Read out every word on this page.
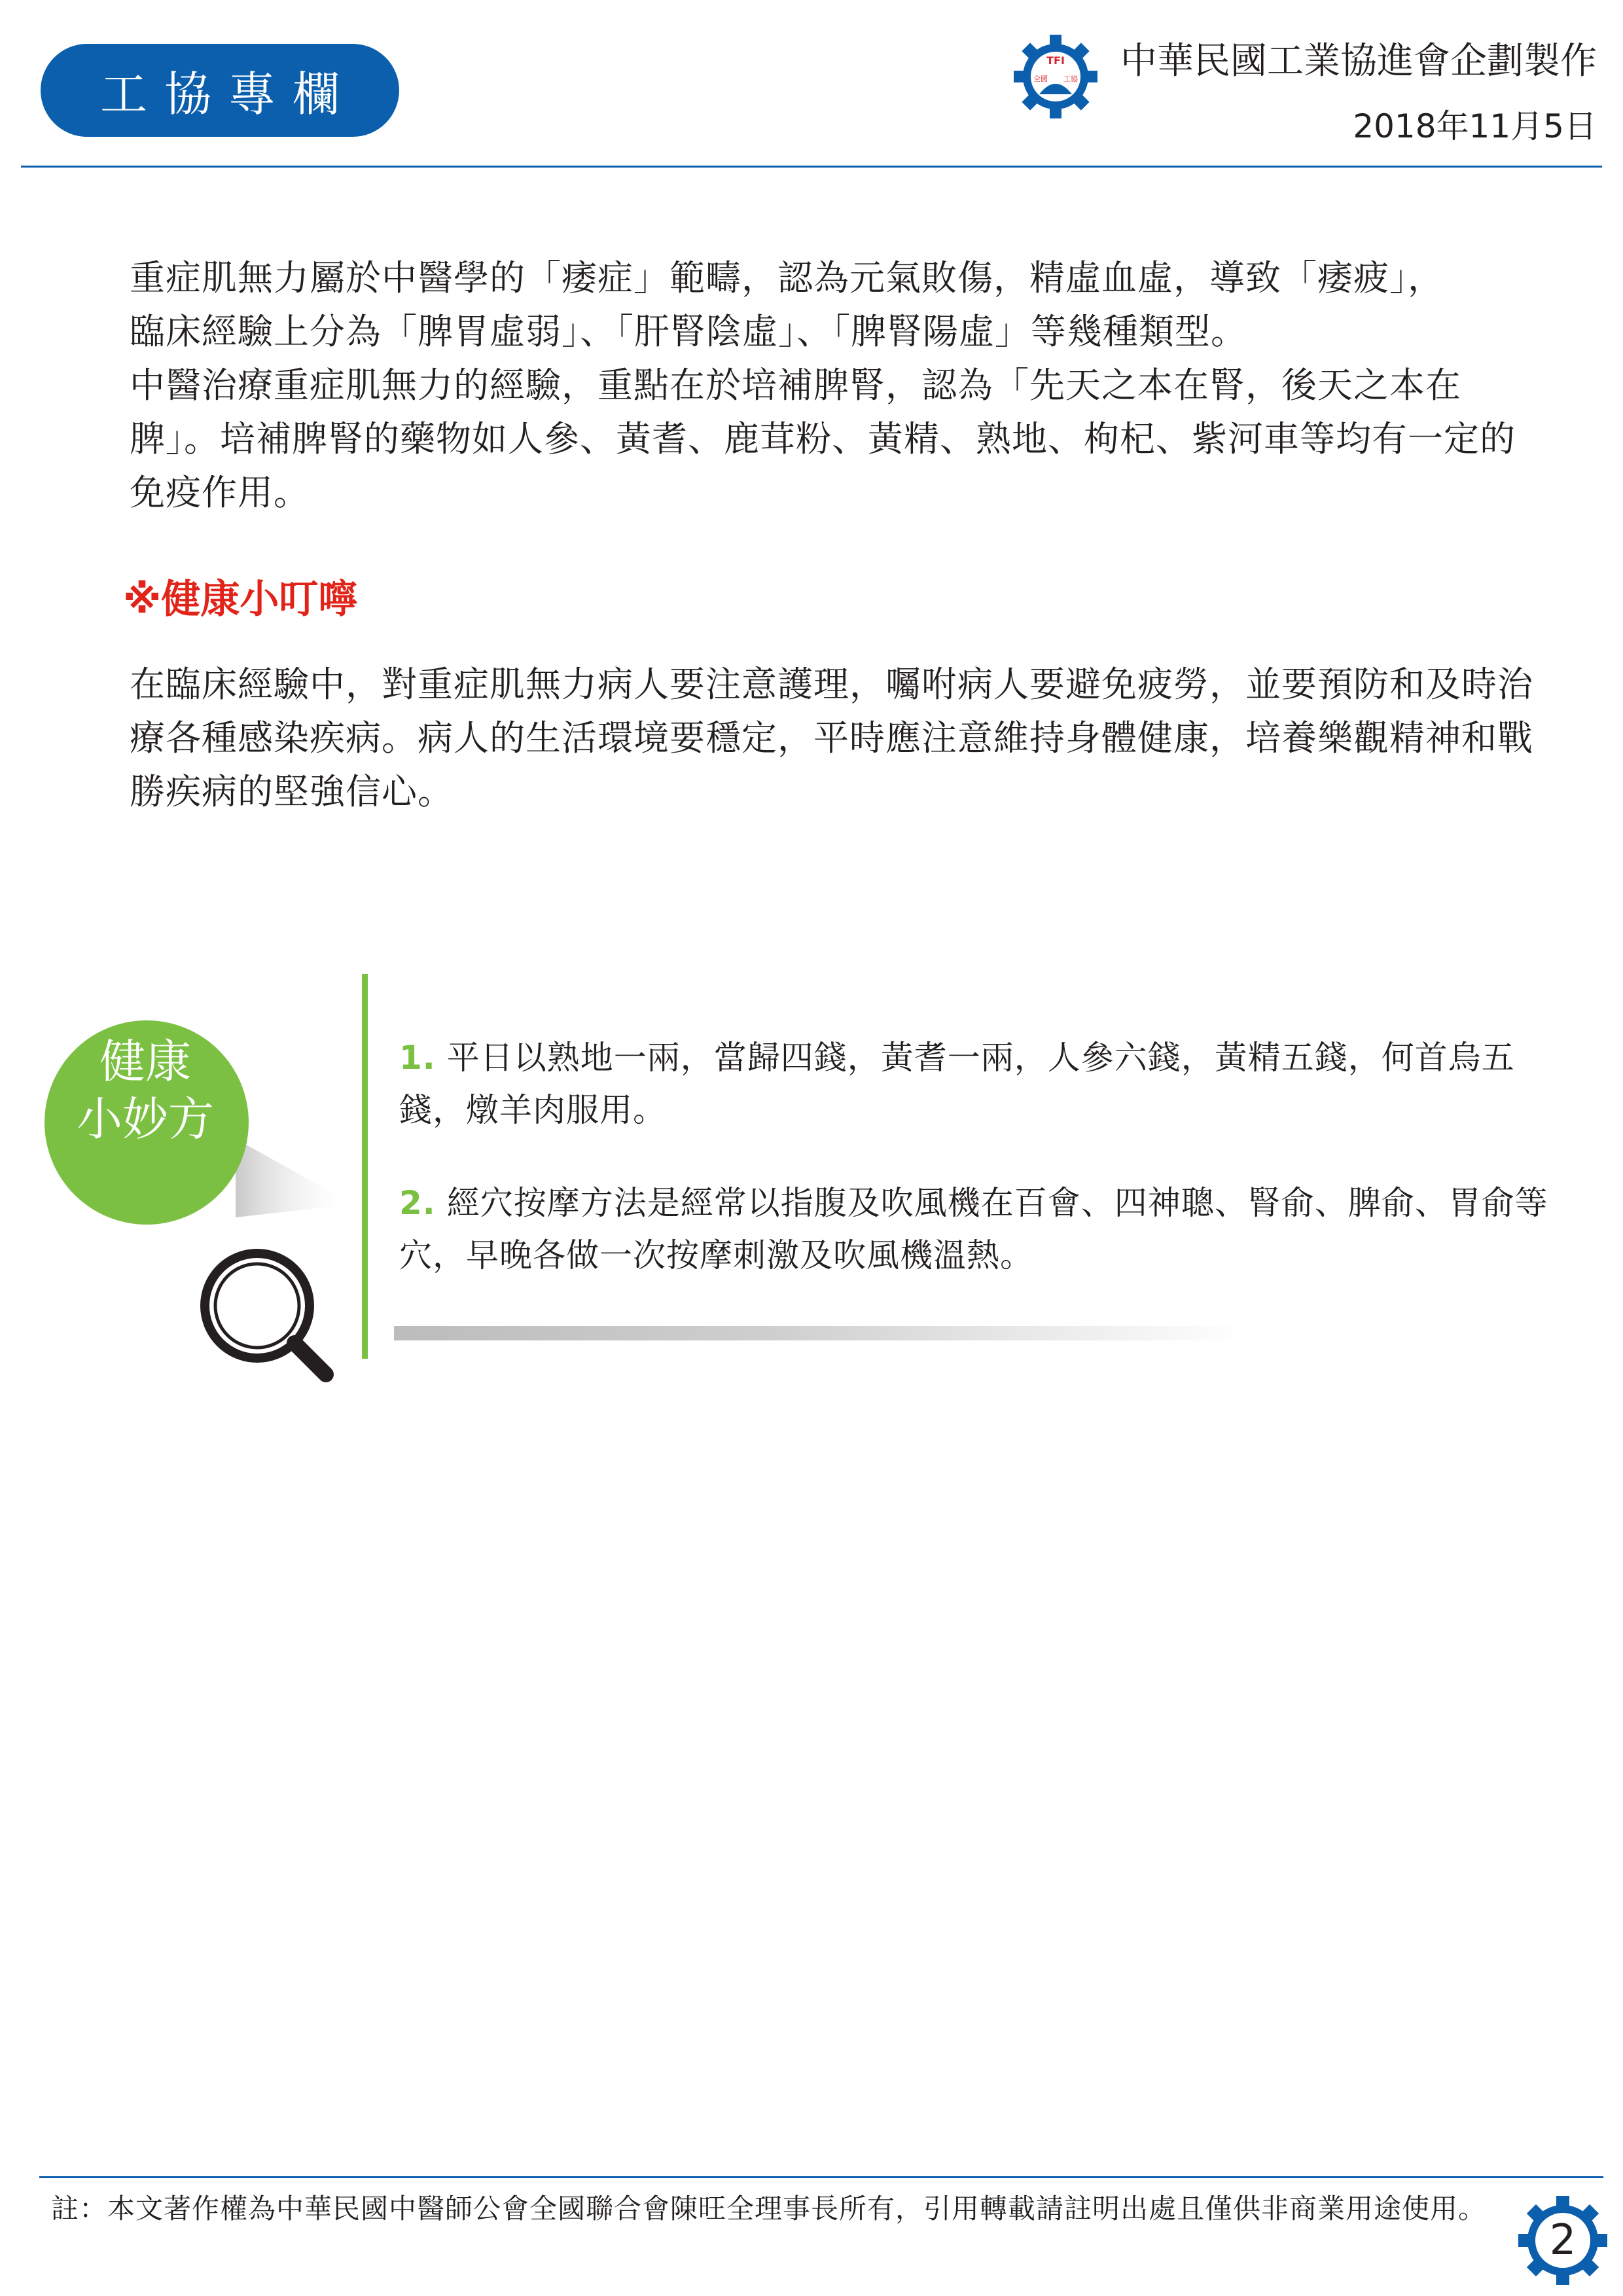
工協專欄
TFI
全國 工協	中華民國工業協進會企劃製作
2018年11月5日
重症肌無力屬於中醫學的「痿症」範疇，認為元氣敗傷，精虛血虛，導致「痿疲」，
臨床經驗上分為「脾胃虛弱」、「肝腎陰虛」、「脾腎陽虛」等幾種類型。
中醫治療重症肌無力的經驗，重點在於培補脾腎，認為「先天之本在腎，後天之本在脾」。培補脾腎的藥物如人參、黃耆、鹿茸粉、黃精、熟地、枸杞、紫河車等均有一定的免疫作用。
※健康小叮嚀
在臨床經驗中，對重症肌無力病人要注意護理，囑咐病人要避免疲勞，並要預防和及時治療各種感染疾病。病人的生活環境要穩定，平時應注意維持身體健康，培養樂觀精神和戰勝疾病的堅強信心。
健康
小妙方
1. 平日以熟地一兩，當歸四錢，黃耆一兩，人參六錢，黃精五錢，何首烏五錢，燉羊肉服用。
2. 經穴按摩方法是經常以指腹及吹風機在百會、四神聰、腎俞、脾俞、胃俞等穴，早晚各做一次按摩刺激及吹風機溫熱。
註：本文著作權為中華民國中醫師公會全國聯合會陳旺全理事長所有，引用轉載請註明出處且僅供非商業用途使用。
2
